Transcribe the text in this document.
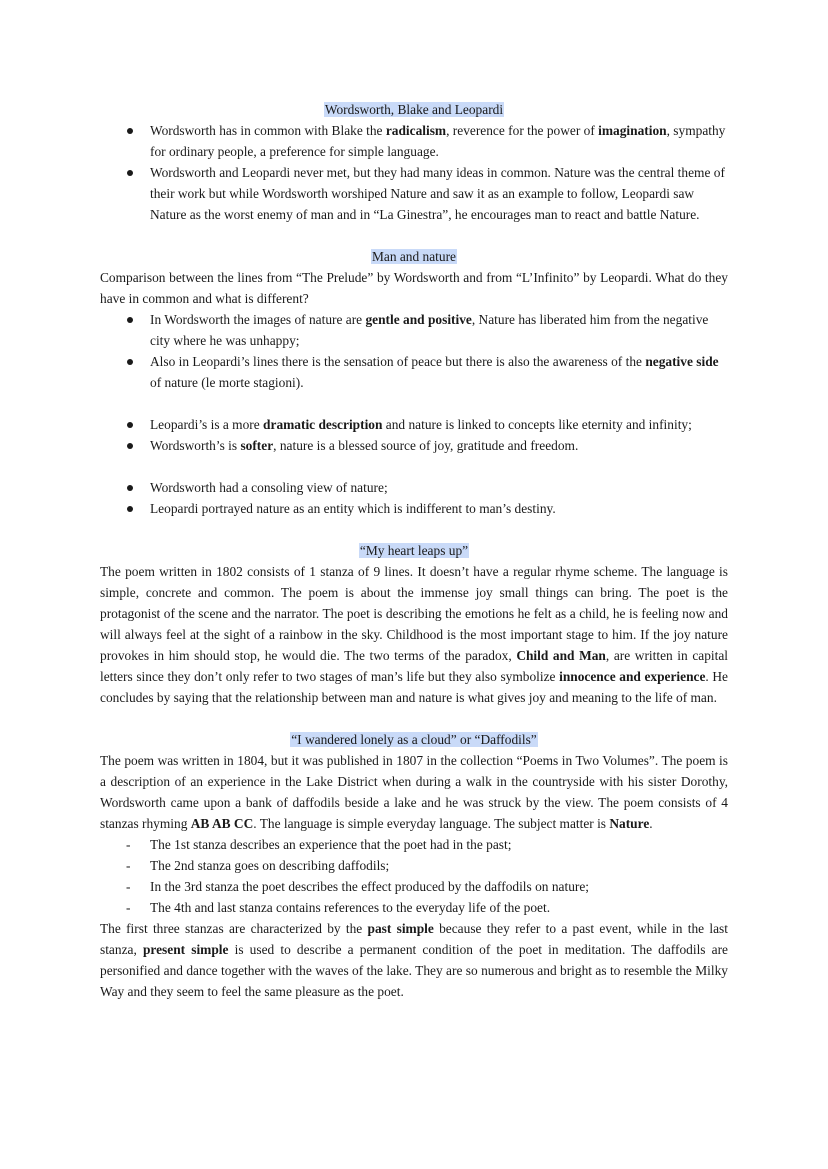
Wordsworth, Blake and Leopardi

Wordsworth has in common with Blake the radicalism, reverence for the power of imagination, sympathy for ordinary people, a preference for simple language.
Wordsworth and Leopardi never met, but they had many ideas in common. Nature was the central theme of their work but while Wordsworth worshiped Nature and saw it as an example to follow, Leopardi saw Nature as the worst enemy of man and in “La Ginestra”, he encourages man to react and battle Nature.

Man and nature

Comparison between the lines from “The Prelude” by Wordsworth and from “L’Infinito” by Leopardi. What do they have in common and what is different?

In Wordsworth the images of nature are gentle and positive, Nature has liberated him from the negative city where he was unhappy;
Also in Leopardi’s lines there is the sensation of peace but there is also the awareness of the negative side of nature (le morte stagioni).
Leopardi’s is a more dramatic description and nature is linked to concepts like eternity and infinity;
Wordsworth’s is softer, nature is a blessed source of joy, gratitude and freedom.
Wordsworth had a consoling view of nature;
Leopardi portrayed nature as an entity which is indifferent to man’s destiny.

“My heart leaps up”

The poem written in 1802 consists of 1 stanza of 9 lines. It doesn’t have a regular rhyme scheme. The language is simple, concrete and common. The poem is about the immense joy small things can bring. The poet is the protagonist of the scene and the narrator. The poet is describing the emotions he felt as a child, he is feeling now and will always feel at the sight of a rainbow in the sky. Childhood is the most important stage to him. If the joy nature provokes in him should stop, he would die. The two terms of the paradox, Child and Man, are written in capital letters since they don’t only refer to two stages of man’s life but they also symbolize innocence and experience. He concludes by saying that the relationship between man and nature is what gives joy and meaning to the life of man.

“I wandered lonely as a cloud” or “Daffodils”

The poem was written in 1804, but it was published in 1807 in the collection “Poems in Two Volumes”. The poem is a description of an experience in the Lake District when during a walk in the countryside with his sister Dorothy, Wordsworth came upon a bank of daffodils beside a lake and he was struck by the view. The poem consists of 4 stanzas rhyming AB AB CC. The language is simple everyday language. The subject matter is Nature.

- The 1st stanza describes an experience that the poet had in the past;
- The 2nd stanza goes on describing daffodils;
- In the 3rd stanza the poet describes the effect produced by the daffodils on nature;
- The 4th and last stanza contains references to the everyday life of the poet.

The first three stanzas are characterized by the past simple because they refer to a past event, while in the last stanza, present simple is used to describe a permanent condition of the poet in meditation. The daffodils are personified and dance together with the waves of the lake. They are so numerous and bright as to resemble the Milky Way and they seem to feel the same pleasure as the poet.
